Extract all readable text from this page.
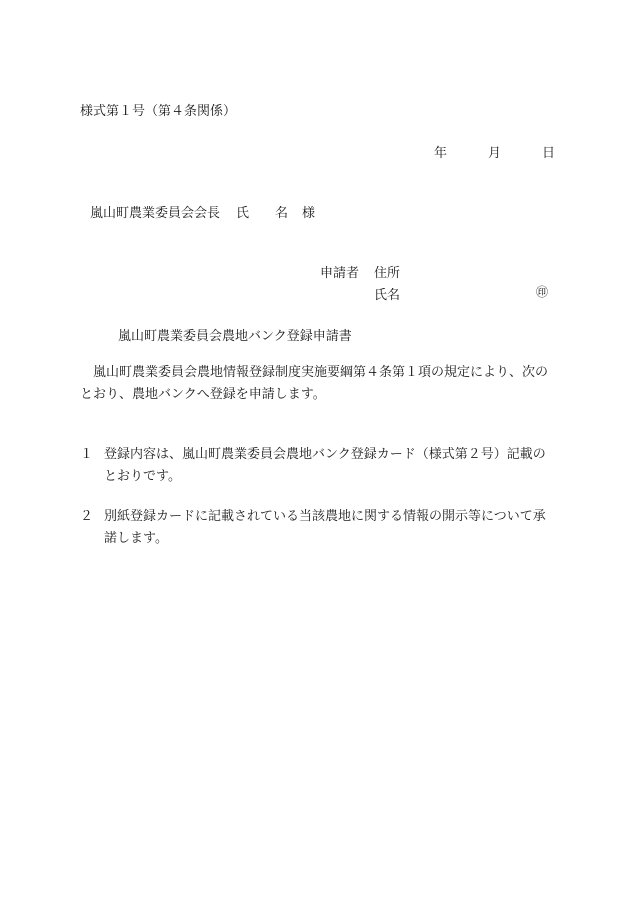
様式第１号（第４条関係）
年	月	日
嵐山町農業委員会会長 氏 名 様
申請者 住所
氏名	㊞
嵐山町農業委員会農地バンク登録申請書
嵐山町農業委員会農地情報登録制度実施要綱第４条第１項の規定により、次のとおり、農地バンクへ登録を申請します。
１ 登録内容は、嵐山町農業委員会農地バンク登録カード（様式第２号）記載のとおりです。
２ 別紙登録カードに記載されている当該農地に関する情報の開示等について承諾します。
